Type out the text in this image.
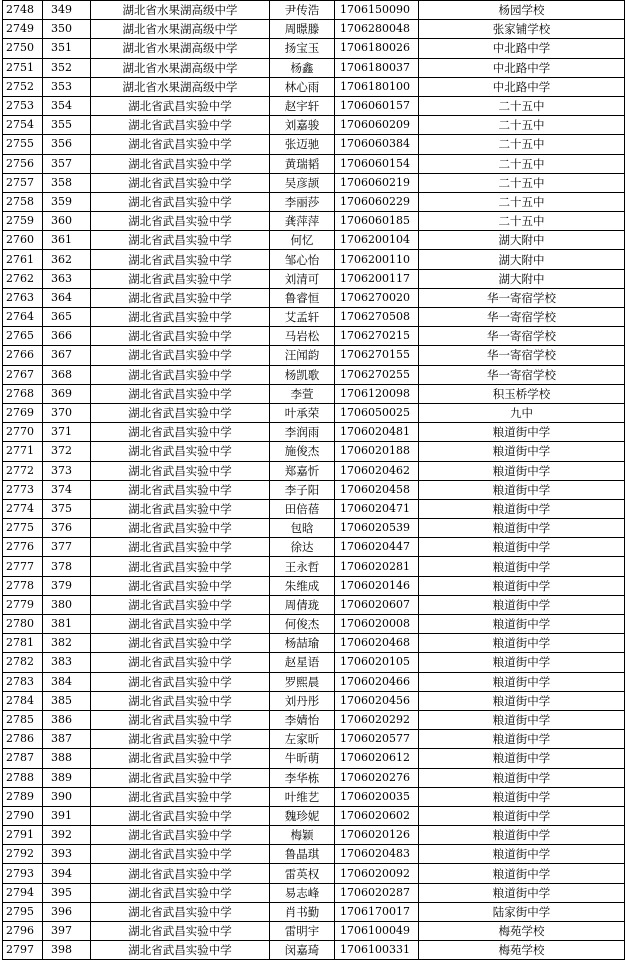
2748	349	湖北省水果湖高级中学	尹传浩	1706150090	杨园学校
2749	350	湖北省水果湖高级中学	周暻滕	1706280048	张家铺学校
2750	351	湖北省水果湖高级中学	扬宝玉	1706180026	中北路中学
2751	352	湖北省水果湖高级中学	杨鑫	1706180037	中北路中学
2752	353	湖北省水果湖高级中学	林心雨	1706180100	中北路中学
2753	354	湖北省武昌实验中学	赵宇轩	1706060157	二十五中
2754	355	湖北省武昌实验中学	刘嘉骏	1706060209	二十五中
2755	356	湖北省武昌实验中学	张迈驰	1706060384	二十五中
2756	357	湖北省武昌实验中学	黄瑞韬	1706060154	二十五中
2757	358	湖北省武昌实验中学	吴彦颉	1706060219	二十五中
2758	359	湖北省武昌实验中学	李丽莎	1706060229	二十五中
2759	360	湖北省武昌实验中学	龚萍萍	1706060185	二十五中
2760	361	湖北省武昌实验中学	何忆	1706200104	湖大附中
2761	362	湖北省武昌实验中学	邹心怡	1706200110	湖大附中
2762	363	湖北省武昌实验中学	刘清可	1706200117	湖大附中
2763	364	湖北省武昌实验中学	鲁睿恒	1706270020	华一寄宿学校
2764	365	湖北省武昌实验中学	艾孟轩	1706270508	华一寄宿学校
2765	366	湖北省武昌实验中学	马岩松	1706270215	华一寄宿学校
2766	367	湖北省武昌实验中学	汪闻韵	1706270155	华一寄宿学校
2767	368	湖北省武昌实验中学	杨凯歌	1706270255	华一寄宿学校
2768	369	湖北省武昌实验中学	李萱	1706120098	积玉桥学校
2769	370	湖北省武昌实验中学	叶承荣	1706050025	九中
2770	371	湖北省武昌实验中学	李润雨	1706020481	粮道街中学
2771	372	湖北省武昌实验中学	施俊杰	1706020188	粮道街中学
2772	373	湖北省武昌实验中学	郑嘉忻	1706020462	粮道街中学
2773	374	湖北省武昌实验中学	李子阳	1706020458	粮道街中学
2774	375	湖北省武昌实验中学	田倍蓓	1706020471	粮道街中学
2775	376	湖北省武昌实验中学	包晗	1706020539	粮道街中学
2776	377	湖北省武昌实验中学	徐达	1706020447	粮道街中学
2777	378	湖北省武昌实验中学	王永哲	1706020281	粮道街中学
2778	379	湖北省武昌实验中学	朱维成	1706020146	粮道街中学
2779	380	湖北省武昌实验中学	周倩珑	1706020607	粮道街中学
2780	381	湖北省武昌实验中学	何俊杰	1706020008	粮道街中学
2781	382	湖北省武昌实验中学	杨喆瑜	1706020468	粮道街中学
2782	383	湖北省武昌实验中学	赵星语	1706020105	粮道街中学
2783	384	湖北省武昌实验中学	罗熙晨	1706020466	粮道街中学
2784	385	湖北省武昌实验中学	刘丹彤	1706020456	粮道街中学
2785	386	湖北省武昌实验中学	李婧怡	1706020292	粮道街中学
2786	387	湖北省武昌实验中学	左家昕	1706020577	粮道街中学
2787	388	湖北省武昌实验中学	牛昕萌	1706020612	粮道街中学
2788	389	湖北省武昌实验中学	李华栋	1706020276	粮道街中学
2789	390	湖北省武昌实验中学	叶维艺	1706020035	粮道街中学
2790	391	湖北省武昌实验中学	魏珍妮	1706020602	粮道街中学
2791	392	湖北省武昌实验中学	梅颖	1706020126	粮道街中学
2792	393	湖北省武昌实验中学	鲁晶琪	1706020483	粮道街中学
2793	394	湖北省武昌实验中学	雷英权	1706020092	粮道街中学
2794	395	湖北省武昌实验中学	易志峰	1706020287	粮道街中学
2795	396	湖北省武昌实验中学	肖书勤	1706170017	陆家街中学
2796	397	湖北省武昌实验中学	雷明宇	1706100049	梅苑学校
2797	398	湖北省武昌实验中学	闵嘉琦	1706100331	梅苑学校
